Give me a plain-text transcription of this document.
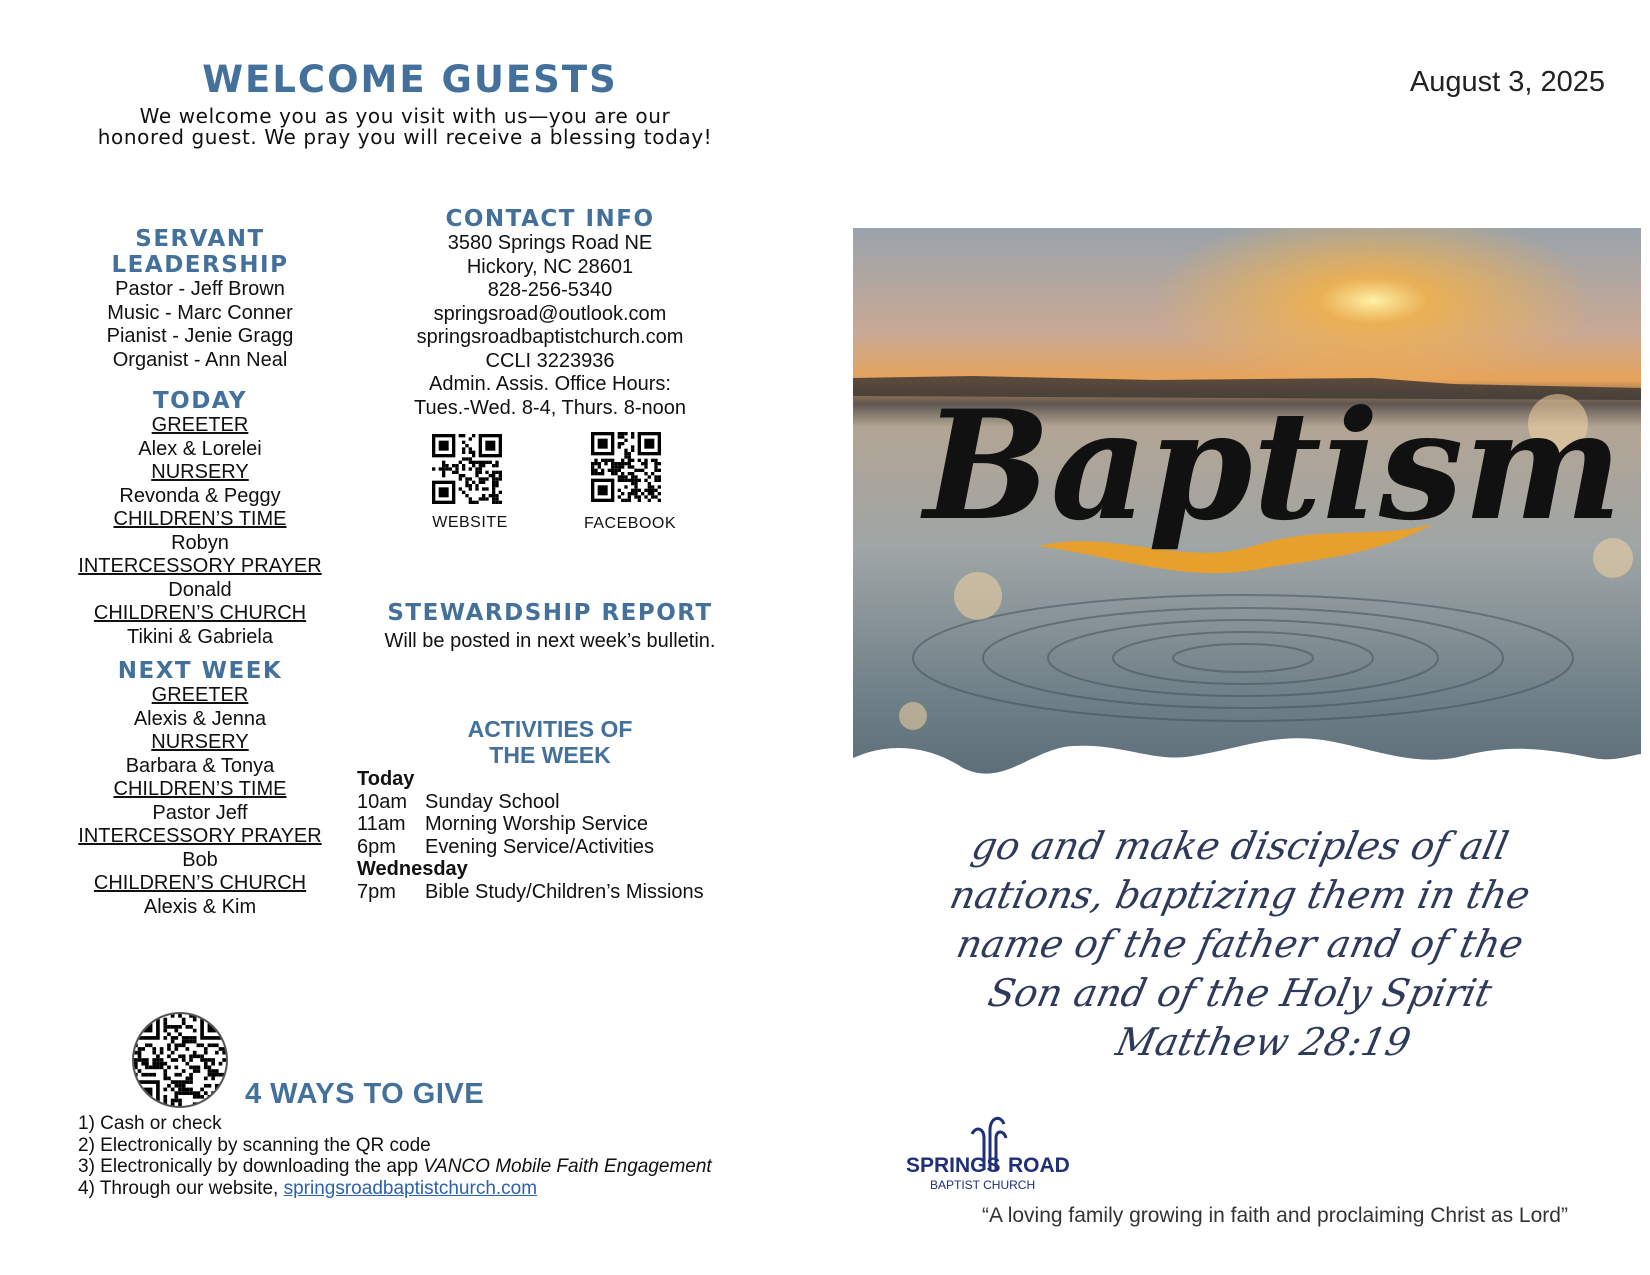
WELCOME GUESTS
We welcome you as you visit with us—you are our
honored guest. We pray you will receive a blessing today!
August 3, 2025
SERVANT
LEADERSHIP
Pastor - Jeff Brown
Music - Marc Conner
Pianist - Jenie Gragg
Organist - Ann Neal
TODAY
GREETER
Alex & Lorelei
NURSERY
Revonda & Peggy
CHILDREN’S TIME
Robyn
INTERCESSORY PRAYER
Donald
CHILDREN’S CHURCH
Tikini & Gabriela
NEXT WEEK
GREETER
Alexis & Jenna
NURSERY
Barbara & Tonya
CHILDREN’S TIME
Pastor Jeff
INTERCESSORY PRAYER
Bob
CHILDREN’S CHURCH
Alexis & Kim
CONTACT INFO
3580 Springs Road NE
Hickory, NC 28601
828-256-5340
springsroad@outlook.com
springsroadbaptistchurch.com
CCLI 3223936
Admin. Assis. Office Hours:
Tues.-Wed. 8-4, Thurs. 8-noon
WEBSITE	FACEBOOK
STEWARDSHIP REPORT
Will be posted in next week’s bulletin.
ACTIVITIES OF
THE WEEK
Today
10am Sunday School
11am Morning Worship Service
6pm	Evening Service/Activities
Wednesday
7pm	Bible Study/Children’s Missions
4 WAYS TO GIVE
1) Cash or check
2) Electronically by scanning the QR code
3) Electronically by downloading the app VANCO Mobile Faith Engagement
4) Through our website, springsroadbaptistchurch.com
Baptism
go and make disciples of all
nations, baptizing them in the
name of the father and of the
Son and of the Holy Spirit
Matthew 28:19
SPRINGS ROAD
BAPTIST CHURCH
“A loving family growing in faith and proclaiming Christ as Lord”
